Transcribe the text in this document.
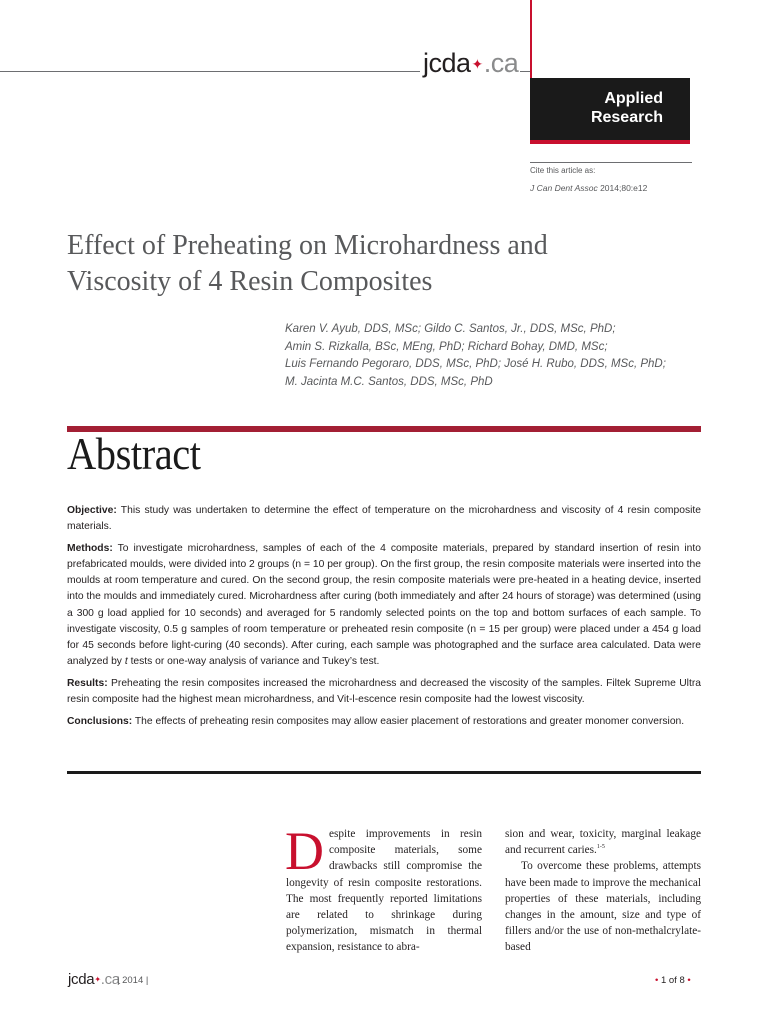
jcda✦.ca
Applied
Research
Cite this article as:
J Can Dent Assoc 2014;80:e12
Effect of Preheating on Microhardness and
Viscosity of 4 Resin Composites
Karen V. Ayub, DDS, MSc; Gildo C. Santos, Jr., DDS, MSc, PhD;
Amin S. Rizkalla, BSc, MEng, PhD; Richard Bohay, DMD, MSc;
Luis Fernando Pegoraro, DDS, MSc, PhD; José H. Rubo, DDS, MSc, PhD;
M. Jacinta M.C. Santos, DDS, MSc, PhD
Abstract

Objective: This study was undertaken to determine the effect of temperature on the microhardness and viscosity of 4 resin composite materials.

Methods: To investigate microhardness, samples of each of the 4 composite materials, prepared by standard insertion of resin into prefabricated moulds, were divided into 2 groups (n = 10 per group). On the first group, the resin composite materials were inserted into the moulds at room temperature and cured. On the second group, the resin composite materials were pre-heated in a heating device, inserted into the moulds and immediately cured. Microhardness after curing (both immediately and after 24 hours of storage) was determined (using a 300 g load applied for 10 seconds) and averaged for 5 randomly selected points on the top and bottom surfaces of each sample. To investigate viscosity, 0.5 g samples of room temperature or preheated resin composite (n = 15 per group) were placed under a 454 g load for 45 seconds before light-curing (40 seconds). After curing, each sample was photographed and the surface area calculated. Data were analyzed by t tests or one-way analysis of variance and Tukey’s test.

Results: Preheating the resin composites increased the microhardness and decreased the viscosity of the samples. Filtek Supreme Ultra resin composite had the highest mean microhardness, and Vit-l-escence resin composite had the lowest viscosity.

Conclusions: The effects of preheating resin composites may allow easier placement of restorations and greater monomer conversion.

Despite improvements in resin composite materials, some drawbacks still compromise the longevity of resin composite restorations. The most frequently reported limitations are related to shrinkage during polymerization, mismatch in thermal expansion, resistance to abra-

sion and wear, toxicity, marginal leakage and recurrent caries.$^{1-5}$

To overcome these problems, attempts have been made to improve the mechanical properties of these materials, including changes in the amount, size and type of fillers and/or the use of non-methalcrylate-based

jcda✦.ca
| 2014 |	• 1 of 8 •
